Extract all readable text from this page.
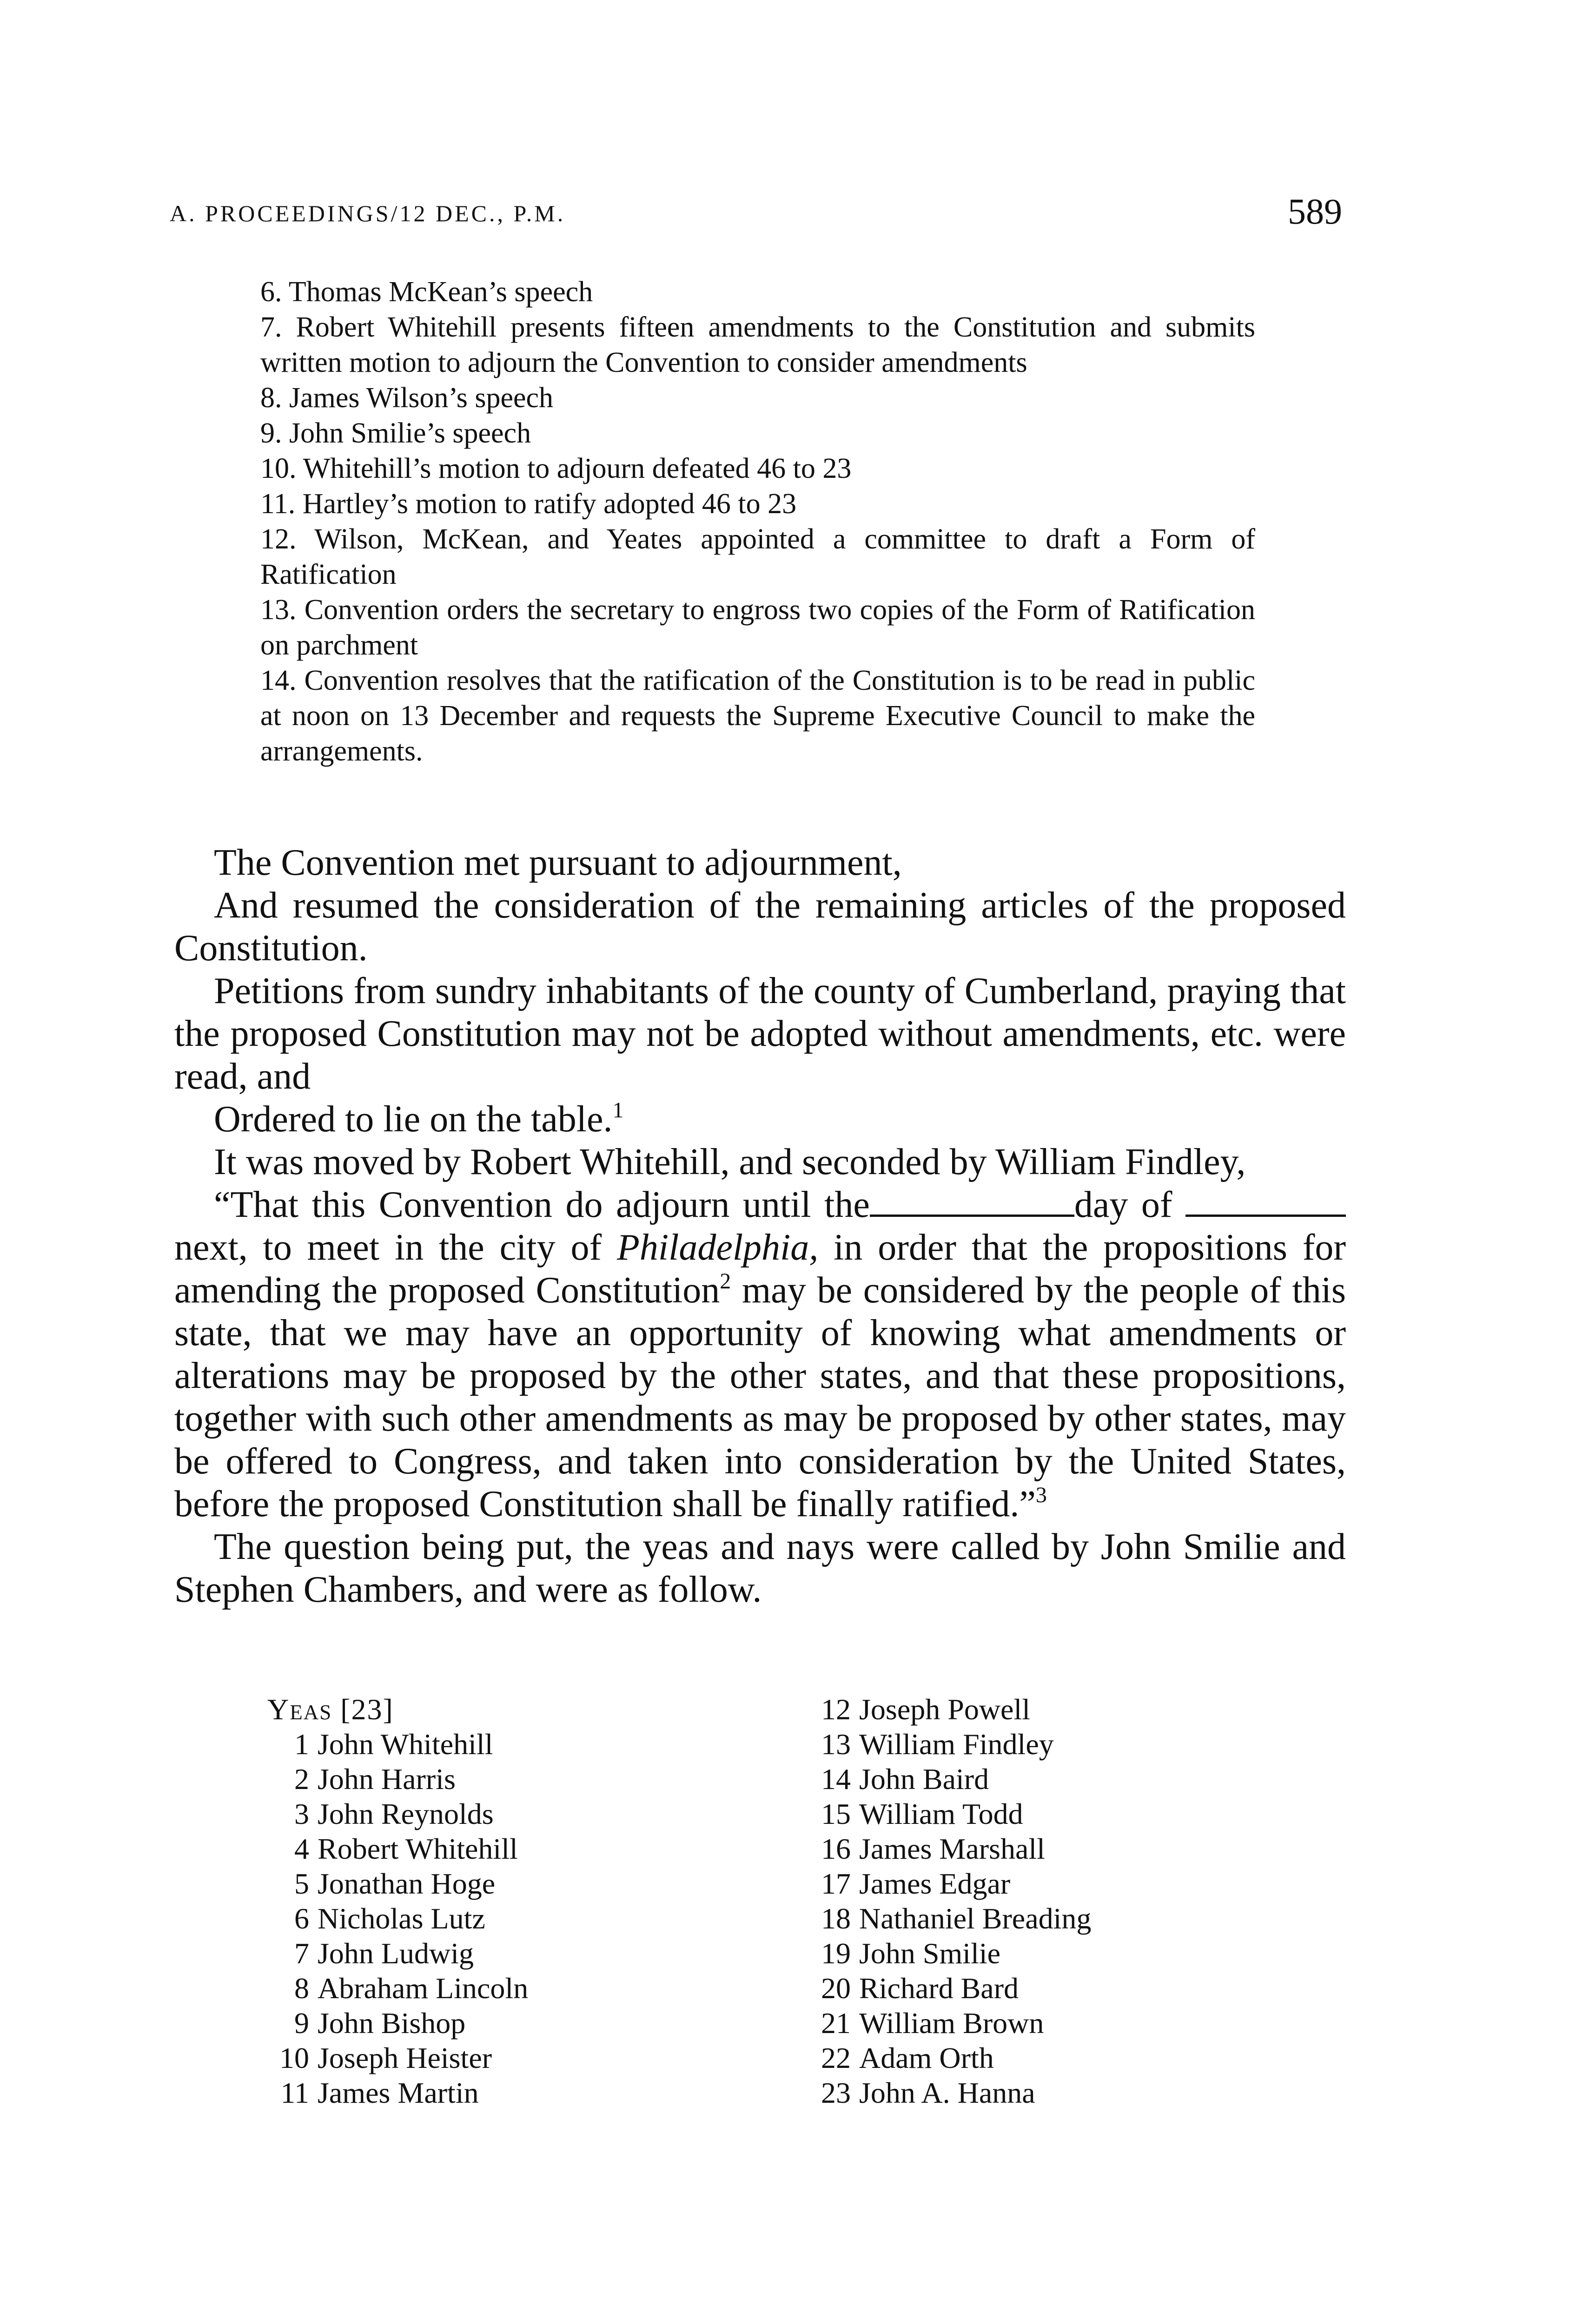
A. PROCEEDINGS/12 DEC., P.M.	589

6. Thomas McKean’s speech

7. Robert Whitehill presents fifteen amendments to the Constitution and submits written motion to adjourn the Convention to consider amendments

8. James Wilson’s speech

9. John Smilie’s speech

10. Whitehill’s motion to adjourn defeated 46 to 23

11. Hartley’s motion to ratify adopted 46 to 23

12. Wilson, McKean, and Yeates appointed a committee to draft a Form of Ratification

13. Convention orders the secretary to engross two copies of the Form of Ratification on parchment

14. Convention resolves that the ratification of the Constitution is to be read in public at noon on 13 December and requests the Supreme Executive Council to make the arrangements.

The Convention met pursuant to adjournment,

And resumed the consideration of the remaining articles of the proposed Constitution.

Petitions from sundry inhabitants of the county of Cumberland, praying that the proposed Constitution may not be adopted without amendments, etc. were read, and

Ordered to lie on the table.$^1$

It was moved by Robert Whitehill, and seconded by William Findley,

“That this Convention do adjourn until the	day of  next, to meet in the city of Philadelphia, in order that the propositions for amending the proposed Constitution$^2$ may be considered by the people of this state, that we may have an opportunity of knowing what amendments or alterations may be proposed by the other states, and that these propositions, together with such other amendments as may be proposed by other states, may be offered to Congress, and taken into consideration by the United States, before the proposed Constitution shall be finally ratified.”$^3$

The question being put, the yeas and nays were called by John Smilie and Stephen Chambers, and were as follow.

Yeas [23]
1 John Whitehill
2 John Harris
3 John Reynolds
4 Robert Whitehill
5 Jonathan Hoge
6 Nicholas Lutz
7 John Ludwig
8 Abraham Lincoln
9 John Bishop
10 Joseph Heister
11 James Martin
12 Joseph Powell
13 William Findley
14 John Baird
15 William Todd
16 James Marshall
17 James Edgar
18 Nathaniel Breading
19 John Smilie
20 Richard Bard
21 William Brown
22 Adam Orth
23 John A. Hanna
